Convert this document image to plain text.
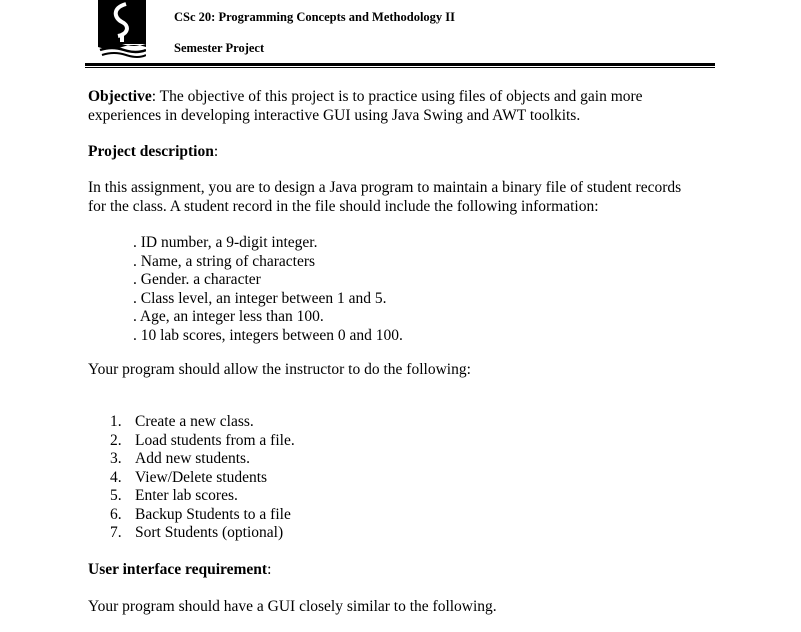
CSc 20: Programming Concepts and Methodology II
Semester Project
Objective: The objective of this project is to practice using files of objects and gain more
experiences in developing interactive GUI using Java Swing and AWT toolkits.
Project description:
In this assignment, you are to design a Java program to maintain a binary file of student records
for the class. A student record in the file should include the following information:
. ID number, a 9-digit integer.
. Name, a string of characters
. Gender. a character
. Class level, an integer between 1 and 5.
. Age, an integer less than 100.
. 10 lab scores, integers between 0 and 100.
Your program should allow the instructor to do the following:
1. Create a new class.
2. Load students from a file.
3. Add new students.
4. View/Delete students
5. Enter lab scores.
6. Backup Students to a file
7. Sort Students (optional)
User interface requirement:
Your program should have a GUI closely similar to the following.
